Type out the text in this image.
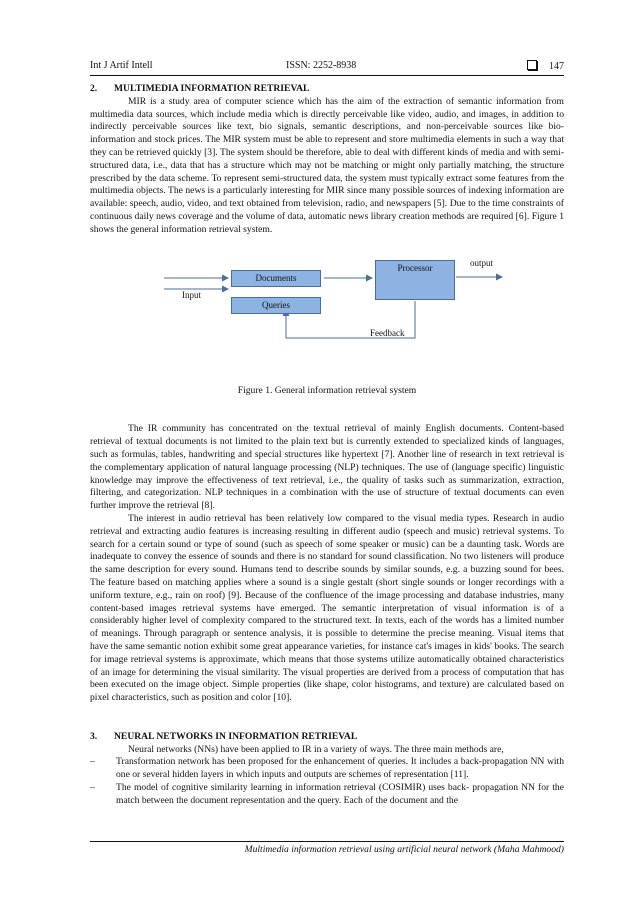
Int J Artif Intell	ISSN: 2252-8938	147
2. MULTIMEDIA INFORMATION RETRIEVAL

MIR is a study area of computer science which has the aim of the extraction of semantic information from multimedia data sources, which include media which is directly perceivable like video, audio, and images, in addition to indirectly perceivable sources like text, bio signals, semantic descriptions, and non-perceivable sources like bio-information and stock prices. The MIR system must be able to represent and store multimedia elements in such a way that they can be retrieved quickly [3]. The system should be therefore, able to deal with different kinds of media and with semi-structured data, i.e., data that has a structure which may not be matching or might only partially matching, the structure prescribed by the data scheme. To represent semi-structured data, the system must typically extract some features from the multimedia objects. The news is a particularly interesting for MIR since many possible sources of indexing information are available: speech, audio, video, and text obtained from television, radio, and newspapers [5]. Due to the time constraints of continuous daily news coverage and the volume of data, automatic news library creation methods are required [6]. Figure 1 shows the general information retrieval system.

Documents
Queries
Processor
Input
output
Feedback
Figure 1. General information retrieval system

The IR community has concentrated on the textual retrieval of mainly English documents. Content-based retrieval of textual documents is not limited to the plain text but is currently extended to specialized kinds of languages, such as formulas, tables, handwriting and special structures like hypertext [7]. Another line of research in text retrieval is the complementary application of natural language processing (NLP) techniques. The use of (language specific) linguistic knowledge may improve the effectiveness of text retrieval, i.e., the quality of tasks such as summarization, extraction, filtering, and categorization. NLP techniques in a combination with the use of structure of textual documents can even further improve the retrieval [8].

The interest in audio retrieval has been relatively low compared to the visual media types. Research in audio retrieval and extracting audio features is increasing resulting in different audio (speech and music) retrieval systems. To search for a certain sound or type of sound (such as speech of some speaker or music) can be a daunting task. Words are inadequate to convey the essence of sounds and there is no standard for sound classification. No two listeners will produce the same description for every sound. Humans tend to describe sounds by similar sounds, e.g. a buzzing sound for bees. The feature based on matching applies where a sound is a single gestalt (short single sounds or longer recordings with a uniform texture, e.g., rain on roof) [9]. Because of the confluence of the image processing and database industries, many content-based images retrieval systems have emerged. The semantic interpretation of visual information is of a considerably higher level of complexity compared to the structured text. In texts, each of the words has a limited number of meanings. Through paragraph or sentence analysis, it is possible to determine the precise meaning. Visual items that have the same semantic notion exhibit some great appearance varieties, for instance cat's images in kids' books. The search for image retrieval systems is approximate, which means that those systems utilize automatically obtained characteristics of an image for determining the visual similarity. The visual properties are derived from a process of computation that has been executed on the image object. Simple properties (like shape, color histograms, and texture) are calculated based on pixel characteristics, such as position and color [10].

3. NEURAL NETWORKS IN INFORMATION RETRIEVAL

Neural networks (NNs) have been applied to IR in a variety of ways. The three main methods are,

– Transformation network has been proposed for the enhancement of queries. It includes a back-propagation NN with one or several hidden layers in which inputs and outputs are schemes of representation [11].
– The model of cognitive similarity learning in information retrieval (COSIMIR) uses back- propagation NN for the match between the document representation and the query. Each of the document and the
Multimedia information retrieval using artificial neural network (Maha Mahmood)
